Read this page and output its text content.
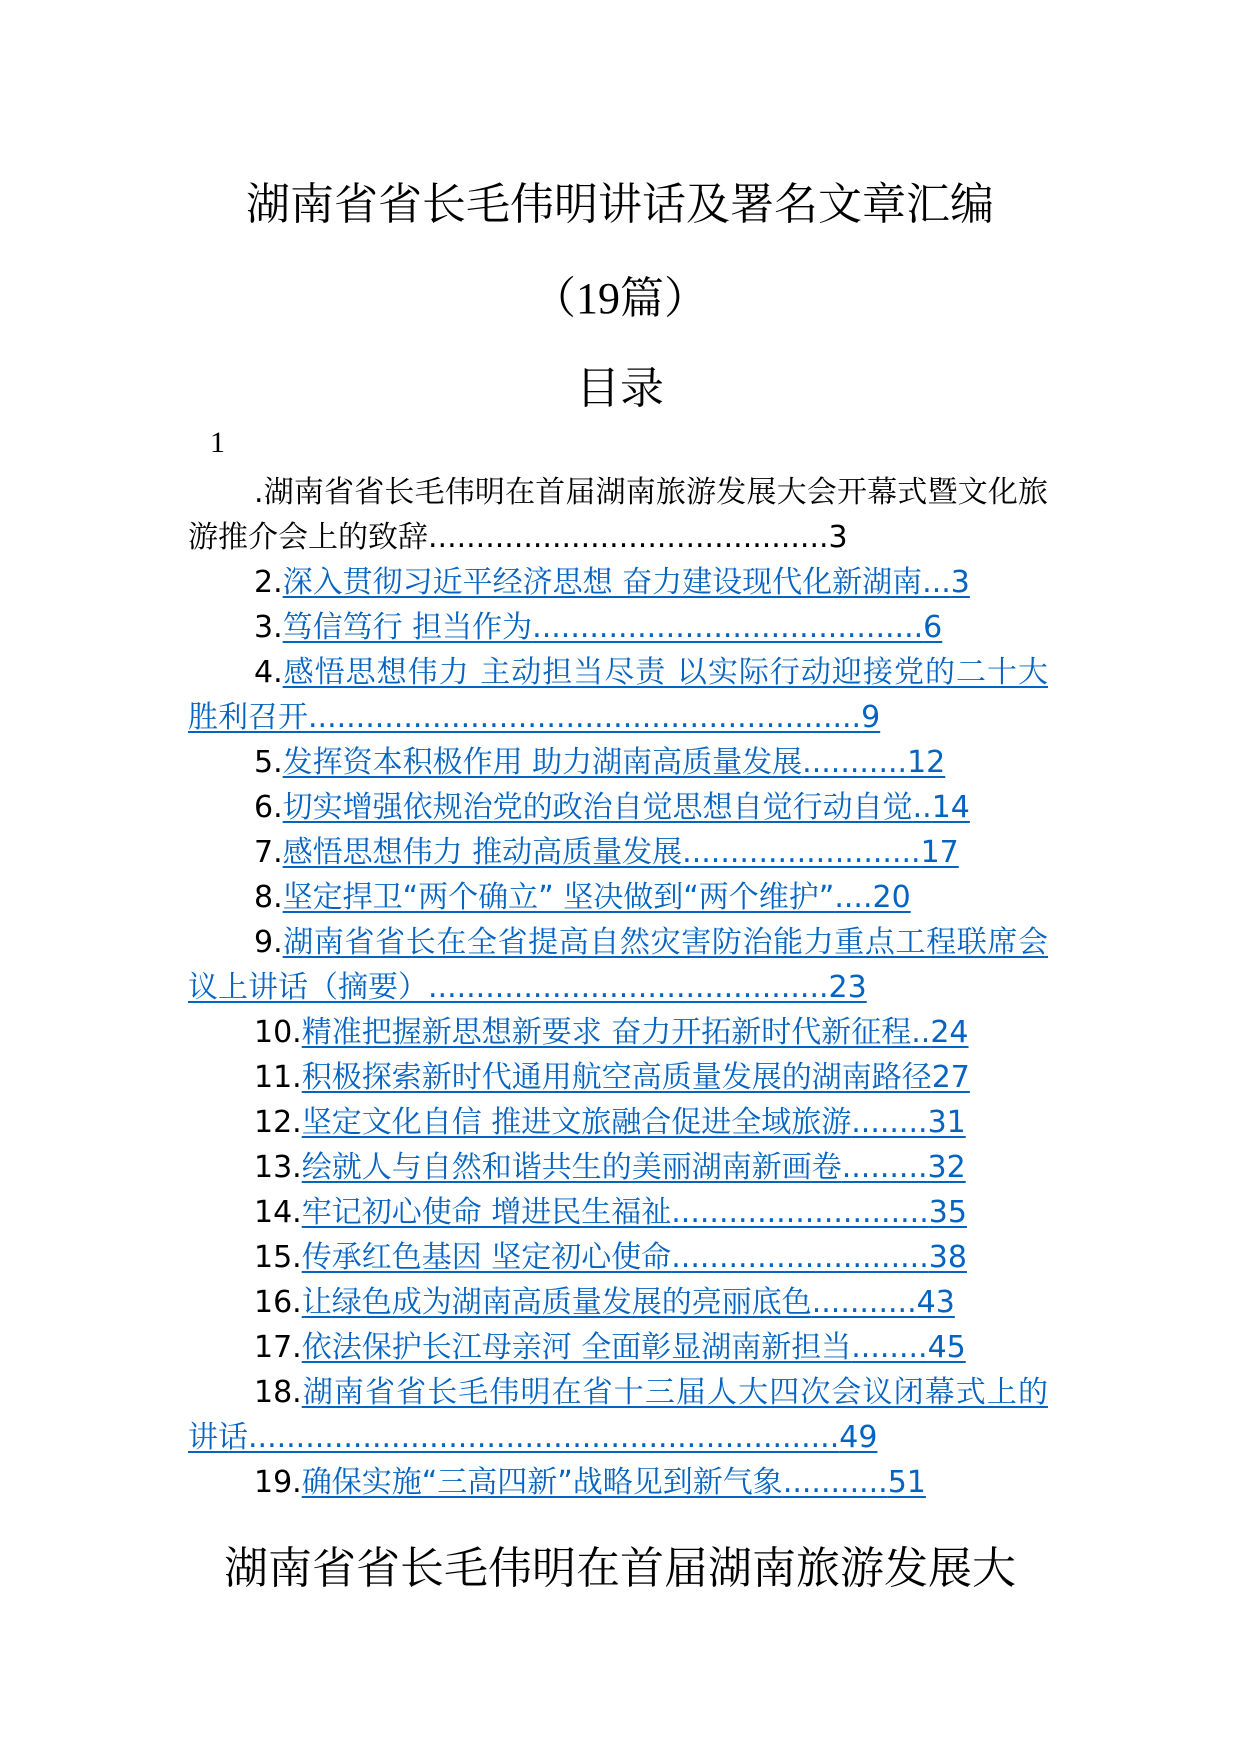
湖南省省长毛伟明讲话及署名文章汇编
（19篇）
目录
1
.湖南省省长毛伟明在首届湖南旅游发展大会开幕式暨文化旅游推介会上的致辞..........................................3
2.深入贯彻习近平经济思想 奋力建设现代化新湖南...3
3.笃信笃行 担当作为.........................................6
4.感悟思想伟力 主动担当尽责 以实际行动迎接党的二十大胜利召开..........................................................9
5.发挥资本积极作用 助力湖南高质量发展...........12
6.切实增强依规治党的政治自觉思想自觉行动自觉..14
7.感悟思想伟力 推动高质量发展.........................17
8.坚定捍卫“两个确立” 坚决做到“两个维护”....20
9.湖南省省长在全省提高自然灾害防治能力重点工程联席会议上讲话（摘要）..........................................23
10.精准把握新思想新要求 奋力开拓新时代新征程..24
11.积极探索新时代通用航空高质量发展的湖南路径27
12.坚定文化自信 推进文旅融合促进全域旅游........31
13.绘就人与自然和谐共生的美丽湖南新画卷.........32
14.牢记初心使命 增进民生福祉...........................35
15.传承红色基因 坚定初心使命...........................38
16.让绿色成为湖南高质量发展的亮丽底色...........43
17.依法保护长江母亲河 全面彰显湖南新担当........45
18.湖南省省长毛伟明在省十三届人大四次会议闭幕式上的讲话..............................................................49
19.确保实施“三高四新”战略见到新气象...........51
湖南省省长毛伟明在首届湖南旅游发展大
